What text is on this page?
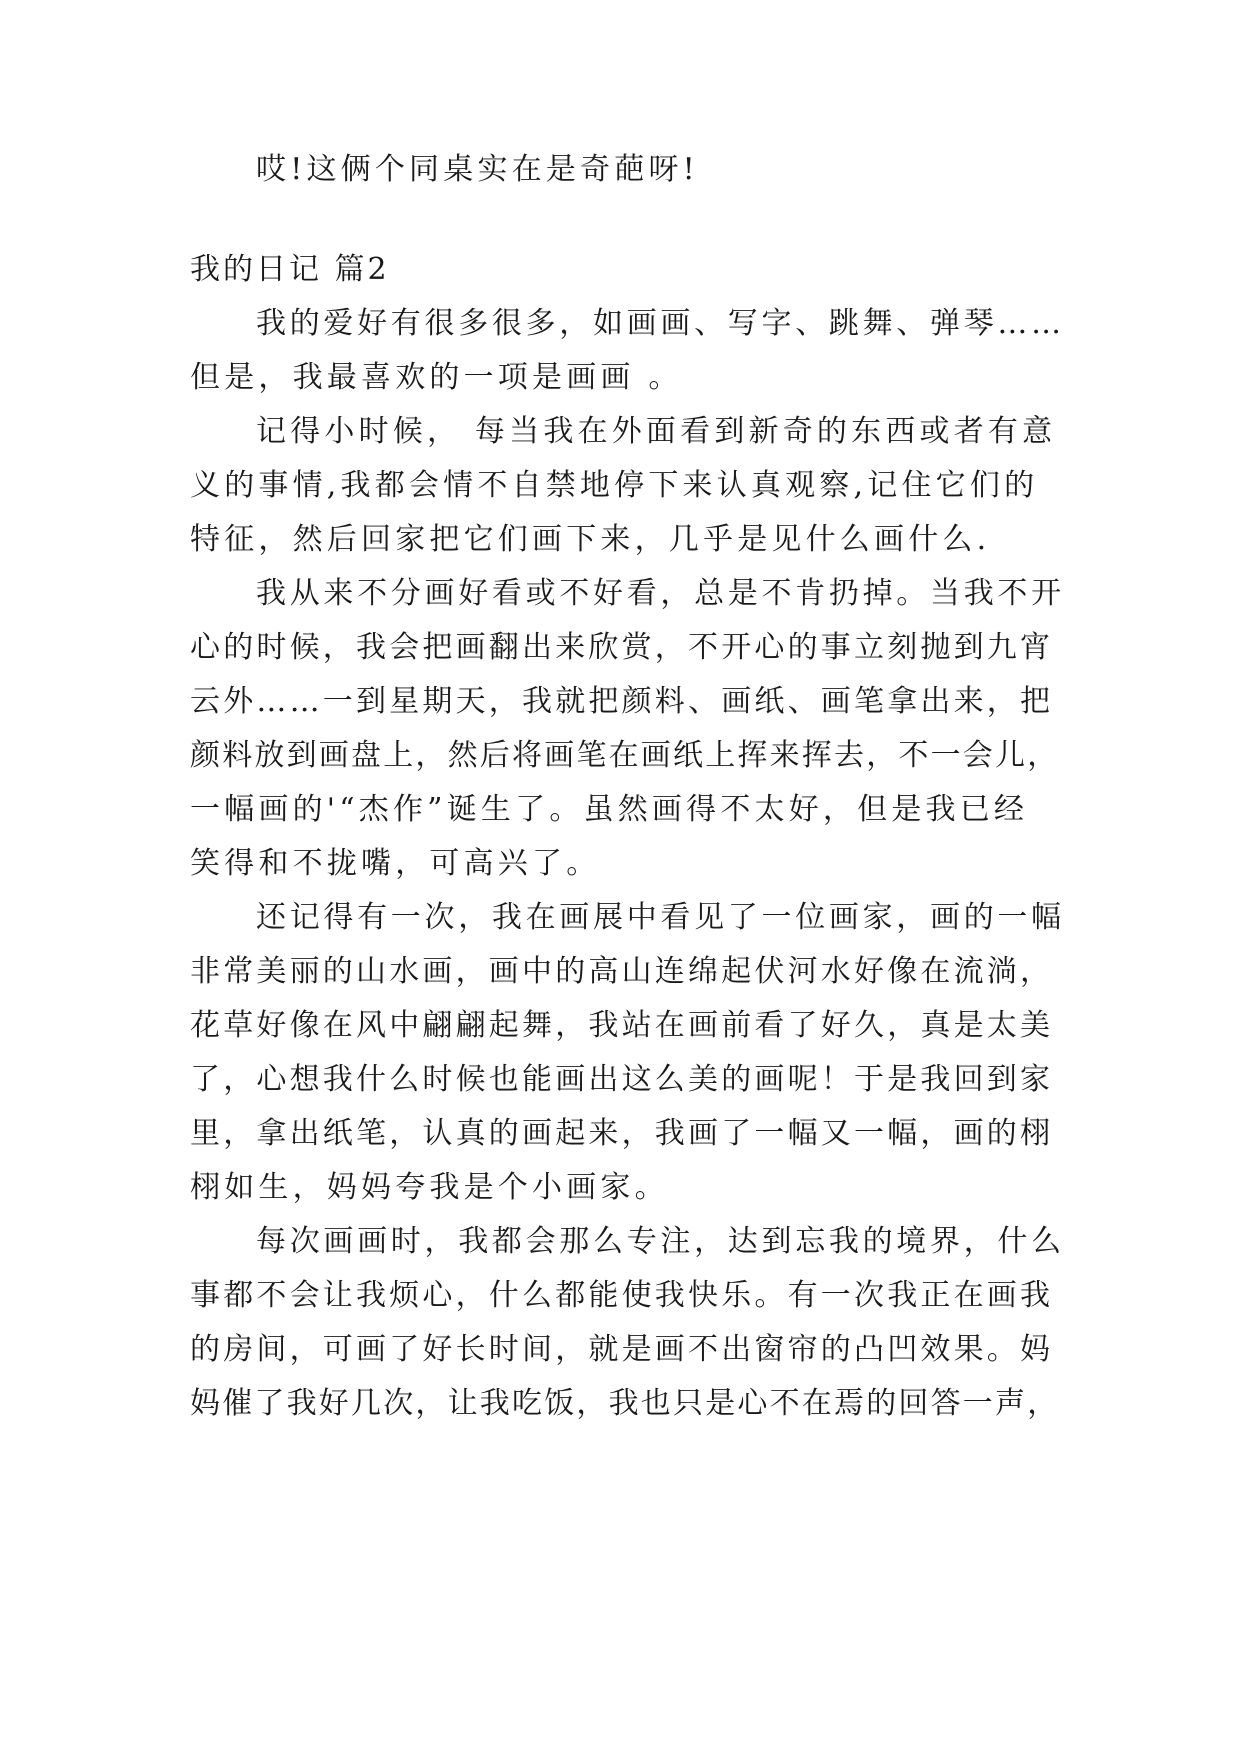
哎!这俩个同桌实在是奇葩呀!
我的日记 篇2
我的爱好有很多很多，如画画、写字、跳舞、弹琴……
但是，我最喜欢的一项是画画 。
记得小时候， 每当我在外面看到新奇的东西或者有意
义的事情,我都会情不自禁地停下来认真观察,记住它们的
特征，然后回家把它们画下来，几乎是见什么画什么.
我从来不分画好看或不好看，总是不肯扔掉。当我不开
心的时候，我会把画翻出来欣赏，不开心的事立刻抛到九宵
云外……一到星期天，我就把颜料、画纸、画笔拿出来，把
颜料放到画盘上，然后将画笔在画纸上挥来挥去，不一会儿，
一幅画的'“杰作”诞生了。虽然画得不太好，但是我已经
笑得和不拢嘴，可高兴了。
还记得有一次，我在画展中看见了一位画家，画的一幅
非常美丽的山水画，画中的高山连绵起伏河水好像在流淌，
花草好像在风中翩翩起舞，我站在画前看了好久，真是太美
了，心想我什么时候也能画出这么美的画呢！于是我回到家
里，拿出纸笔，认真的画起来，我画了一幅又一幅，画的栩
栩如生，妈妈夸我是个小画家。
每次画画时，我都会那么专注，达到忘我的境界，什么
事都不会让我烦心，什么都能使我快乐。有一次我正在画我
的房间，可画了好长时间，就是画不出窗帘的凸凹效果。妈
妈催了我好几次，让我吃饭，我也只是心不在焉的回答一声，
